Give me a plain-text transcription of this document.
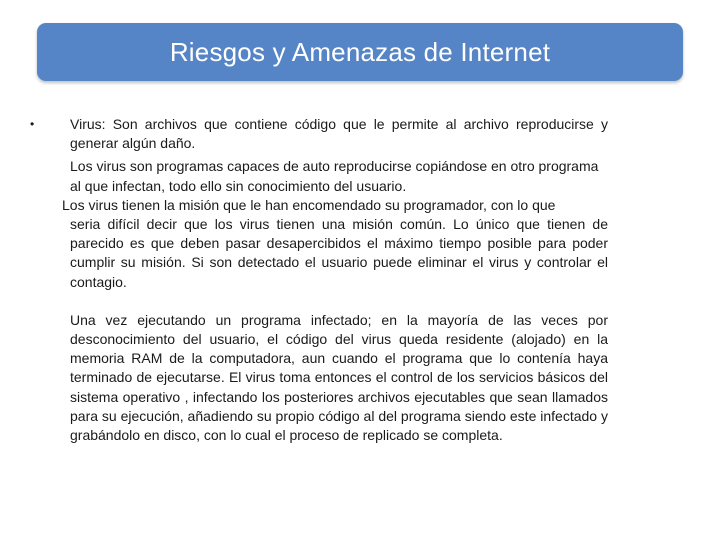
Riesgos y Amenazas de Internet
•	Virus: Son archivos que contiene código que le permite al archivo reproducirse y generar algún daño.

Los virus son programas capaces de auto reproducirse copiándose en otro programa al que infectan, todo ello sin conocimiento del usuario.

Los virus tienen la misión que le han encomendado su programador, con lo que

seria difícil decir que los virus tienen una misión común. Lo único que tienen de parecido es que deben pasar desapercibidos el máximo tiempo posible para poder cumplir su misión. Si son detectado el usuario puede eliminar el virus y controlar el contagio.

Una vez ejecutando un programa infectado; en la mayoría de las veces por desconocimiento del usuario, el código del virus queda residente (alojado) en la memoria RAM de la computadora, aun cuando el programa que lo contenía haya terminado de ejecutarse. El virus toma entonces el control de los servicios básicos del sistema operativo , infectando los posteriores archivos ejecutables que sean llamados para su ejecución, añadiendo su propio código al del programa siendo este infectado y grabándolo en disco, con lo cual el proceso de replicado se completa.
